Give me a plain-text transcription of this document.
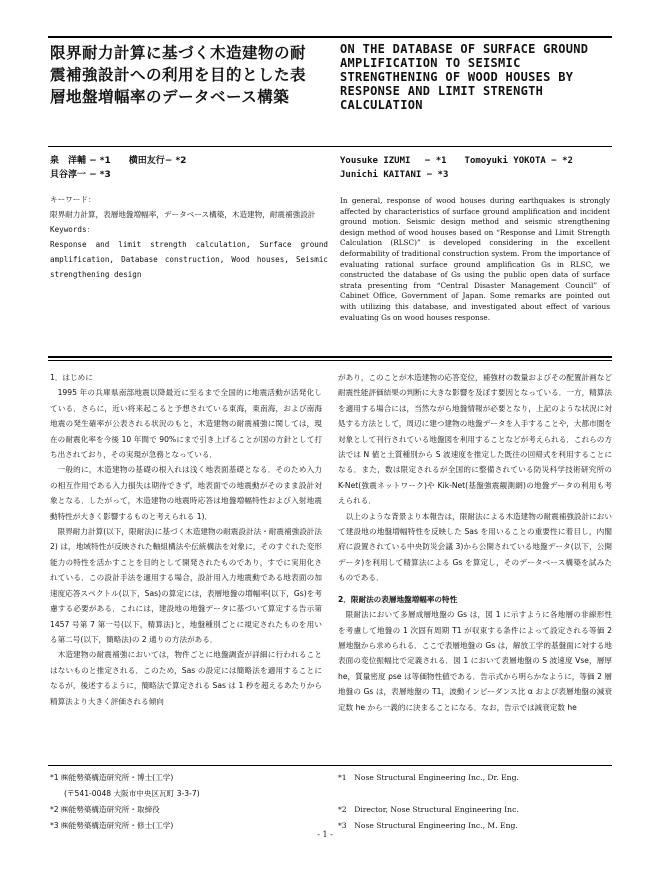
限界耐力計算に基づく木造建物の耐
震補強設計への利用を目的とした表
層地盤増幅率のデータベース構築
ON THE DATABASE OF SURFACE GROUND
AMPLIFICATION TO SEISMIC
STRENGTHENING OF WOOD HOUSES BY
RESPONSE AND LIMIT STRENGTH
CALCULATION
泉　洋輔 − *1　　横田友行− *2
貝谷淳一 − *3
Yousuke IZUMI　 − *1　　Tomoyuki YOKOTA − *2
Junichi KAITANI − *3
キーワード：
限界耐力計算，表層地盤増幅率，データベース構築，木造建物，耐震補強設計
Keywords：
Response and limit strength calculation, Surface ground amplification, Database construction, Wood houses, Seismic strengthening design
In general, response of wood houses during earthquakes is strongly affected by characteristics of surface ground amplification and incident ground motion. Seismic design method and seismic strengthening design method of wood houses based on “Response and Limit Strength Calculation (RLSC)” is developed considering in the excellent deformability of traditional construction system. From the importance of evaluating rational surface ground amplification Gs in RLSC, we constructed the database of Gs using the public open data of surface strata presenting from “Central Disaster Management Council” of Cabinet Office, Government of Japan. Some remarks are pointed out with utilizing this database, and investigated about effect of various evaluating Gs on wood houses response.

1．はじめに

1995 年の兵庫県南部地震以降最近に至るまで全国的に地震活動が活発化している．さらに，近い将来起こると予想されている東海，東南海，および南海地震の発生確率が公表される状況のもと，木造建物の耐震補強に関しては，現在の耐震化率を今後 10 年間で 90%にまで引き上げることが国の方針として打ち出されており，その実現が急務となっている．

一般的に，木造建物の基礎の根入れは浅く地表面基礎となる．そのため入力の相互作用である入力損失は期待できず，地表面での地震動がそのまま設計対象となる．したがって，木造建物の地震時応答は地盤増幅特性および入射地震動特性が大きく影響するものと考えられる 1)．

限界耐力計算(以下，限耐法)に基づく木造建物の耐震設計法・耐震補強設計法 2) は，地域特性が反映された軸組構法や伝統構法を対象に，そのすぐれた変形能力の特性を活かすことを目的として開発されたものであり，すでに実用化されている．この設計手法を適用する場合，設計用入力地震動である地表面の加速度応答スペクトル(以下，Sas)の算定には，表層地盤の増幅率(以下，Gs)を考慮する必要がある．これには，建設地の地盤データに基づいて算定する告示第 1457 号第 7 第一号(以下，精算法)と，地盤種別ごとに規定されたものを用いる第二号(以下，簡略法)の 2 通りの方法がある．

木造建物の耐震補強においては，物件ごとに地盤調査が詳細に行われることはないものと推定される．このため，Sas の設定には簡略法を適用することになるが，後述するように，簡略法で算定される Sas は 1 秒を超えるあたりから精算法より大きく評価される傾向

があり，このことが木造建物の応答変位，補強材の数量およびその配置計画など耐震性能評価結果の判断に大きな影響を及ぼす要因となっている．一方，精算法を適用する場合には，当然ながら地盤情報が必要となり，上記のような状況に対処する方法として，周辺に建つ建物の地盤データを入手することや，大都市圏を対象として刊行されている地盤図を利用することなどが考えられる．これらの方法では N 値と土質種別から S 波速度を推定した既往の回帰式を利用することになる．また，数は限定されるが全国的に整備されている防災科学技術研究所の K-Net(強震ネットワーク)や Kik-Net(基盤強震観測網)の地盤データの利用も考えられる．

以上のような背景より本報告は，限耐法による木造建物の耐震補強設計において建設地の地盤増幅特性を反映した Sas を用いることの重要性に着目し，内閣府に設置されている中央防災会議 3)から公開されている地盤データ(以下，公開データ)を利用して精算法による Gs を算定し，そのデータベース構築を試みたものである．

2．限耐法の表層地盤増幅率の特性

限耐法において多層成層地盤の Gs は，図 1 に示すように各地層の非線形性を考慮して地盤の 1 次固有周期 T1 が収束する条件によって設定される等価 2 層地盤から求められる．ここで表層地盤の Gs は，解放工学的基盤面に対する地表面の変位振幅比で定義される．図 1 において表層地盤の S 波速度 Vse，層厚 he，質量密度 ρse は等価物性値である．告示式から明らかなように，等価 2 層地盤の Gs は，表層地盤の T1，波動インピーダンス比 α および表層地盤の減衰定数 he から一義的に決まることになる．なお，告示では減衰定数 he

*1 ㈱能勢築構造研究所・博士(工学)
(〒541-0048 大阪市中央区瓦町 3-3-7)
*2 ㈱能勢築構造研究所・取締役
*3 ㈱能勢築構造研究所・修士(工学)
*1　Nose Structural Engineering Inc., Dr. Eng.
*2　Director, Nose Structural Engineering Inc.
*3　Nose Structural Engineering Inc., M. Eng.
- 1 -
